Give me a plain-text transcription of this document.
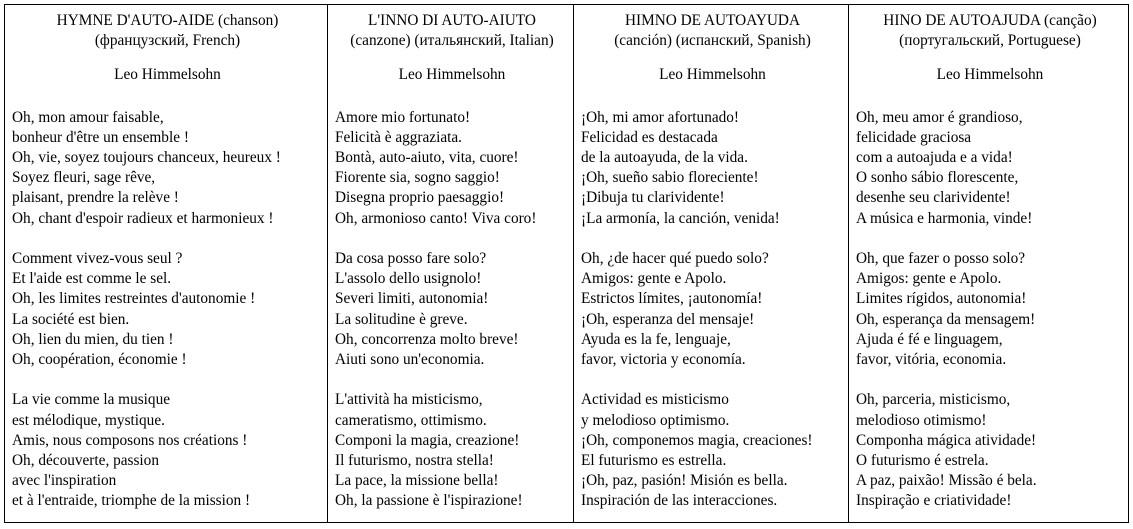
HYMNE D'AUTO-AIDE (chanson)
(французский, French)
Leo Himmelsohn
Oh, mon amour faisable,
bonheur d'être un ensemble !
Oh, vie, soyez toujours chanceux, heureux !
Soyez fleuri, sage rêve,
plaisant, prendre la relève !
Oh, chant d'espoir radieux et harmonieux !
Comment vivez-vous seul ?
Et l'aide est comme le sel.
Oh, les limites restreintes d'autonomie !
La société est bien.
Oh, lien du mien, du tien !
Oh, coopération, économie !
La vie comme la musique
est mélodique, mystique.
Amis, nous composons nos créations !
Oh, découverte, passion
avec l'inspiration
et à l'entraide, triomphe de la mission !
L'INNO DI AUTO-AIUTO
(canzone) (итальянский, Italian)
Leo Himmelsohn
Amore mio fortunato!
Felicità è aggraziata.
Bontà, auto-aiuto, vita, cuore!
Fiorente sia, sogno saggio!
Disegna proprio paesaggio!
Oh, armonioso canto! Viva coro!
Da cosa posso fare solo?
L'assolo dello usignolo!
Severi limiti, autonomia!
La solitudine è greve.
Oh, concorrenza molto breve!
Aiuti sono un'economia.
L'attività ha misticismo,
cameratismo, ottimismo.
Componi la magia, creazione!
Il futurismo, nostra stella!
La pace, la missione bella!
Oh, la passione è l'ispirazione!
HIMNO DE AUTOAYUDA
(canción) (испанский, Spanish)
Leo Himmelsohn
¡Oh, mi amor afortunado!
Felicidad es destacada
de la autoayuda, de la vida.
¡Oh, sueño sabio floreciente!
¡Dibuja tu clarividente!
¡La armonía, la canción, venida!
Oh, ¿de hacer qué puedo solo?
Amigos: gente e Apolo.
Estrictos límites, ¡autonomía!
¡Oh, esperanza del mensaje!
Ayuda es la fe, lenguaje,
favor, victoria y economía.
Actividad es misticismo
y melodioso optimismo.
¡Oh, componemos magia, creaciones!
El futurismo es estrella.
¡Oh, paz, pasión! Misión es bella.
Inspiración de las interacciones.
HINO DE AUTOAJUDA (canção)
(португальский, Portuguese)
Leo Himmelsohn
Oh, meu amor é grandioso,
felicidade graciosa
com a autoajuda e a vida!
O sonho sábio florescente,
desenhe seu clarividente!
A música e harmonia, vinde!
Oh, que fazer o posso solo?
Amigos: gente e Apolo.
Limites rígidos, autonomia!
Oh, esperança da mensagem!
Ajuda é fé e linguagem,
favor, vitória, economia.
Oh, parceria, misticismo,
melodioso otimismo!
Componha mágica atividade!
O futurismo é estrela.
A paz, paixão! Missão é bela.
Inspiração e criatividade!
